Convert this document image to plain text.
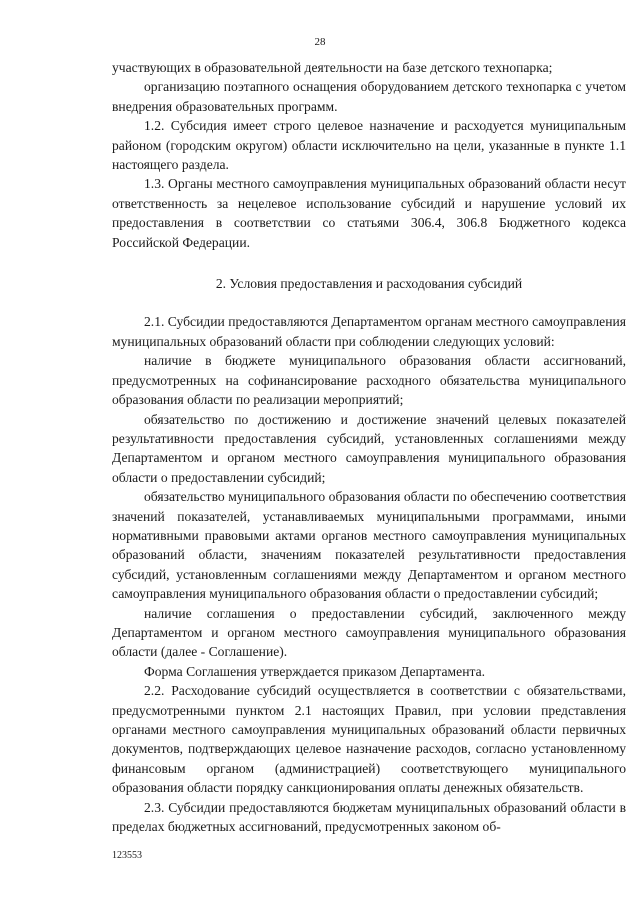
28

участвующих в образовательной деятельности на базе детского технопарка;

организацию поэтапного оснащения оборудованием детского технопарка с учетом внедрения образовательных программ.

1.2. Субсидия имеет строго целевое назначение и расходуется муниципальным районом (городским округом) области исключительно на цели, указанные в пункте 1.1 настоящего раздела.

1.3. Органы местного самоуправления муниципальных образований области несут ответственность за нецелевое использование субсидий и нарушение условий их предоставления в соответствии со статьями 306.4, 306.8 Бюджетного кодекса Российской Федерации.

2. Условия предоставления и расходования субсидий

2.1. Субсидии предоставляются Департаментом органам местного самоуправления муниципальных образований области при соблюдении следующих условий:

наличие в бюджете муниципального образования области ассигнований, предусмотренных на софинансирование расходного обязательства муниципального образования области по реализации мероприятий;

обязательство по достижению и достижение значений целевых показателей результативности предоставления субсидий, установленных соглашениями между Департаментом и органом местного самоуправления муниципального образования области о предоставлении субсидий;

обязательство муниципального образования области по обеспечению соответствия значений показателей, устанавливаемых муниципальными программами, иными нормативными правовыми актами органов местного самоуправления муниципальных образований области, значениям показателей результативности предоставления субсидий, установленным соглашениями между Департаментом и органом местного самоуправления муниципального образования области о предоставлении субсидий;

наличие соглашения о предоставлении субсидий, заключенного между Департаментом и органом местного самоуправления муниципального образования области (далее - Соглашение).

Форма Соглашения утверждается приказом Департамента.

2.2. Расходование субсидий осуществляется в соответствии с обязательствами, предусмотренными пунктом 2.1 настоящих Правил, при условии представления органами местного самоуправления муниципальных образований области первичных документов, подтверждающих целевое назначение расходов, согласно установленному финансовым органом (администрацией) соответствующего муниципального образования области порядку санкционирования оплаты денежных обязательств.

2.3. Субсидии предоставляются бюджетам муниципальных образований области в пределах бюджетных ассигнований, предусмотренных законом об-

123553
